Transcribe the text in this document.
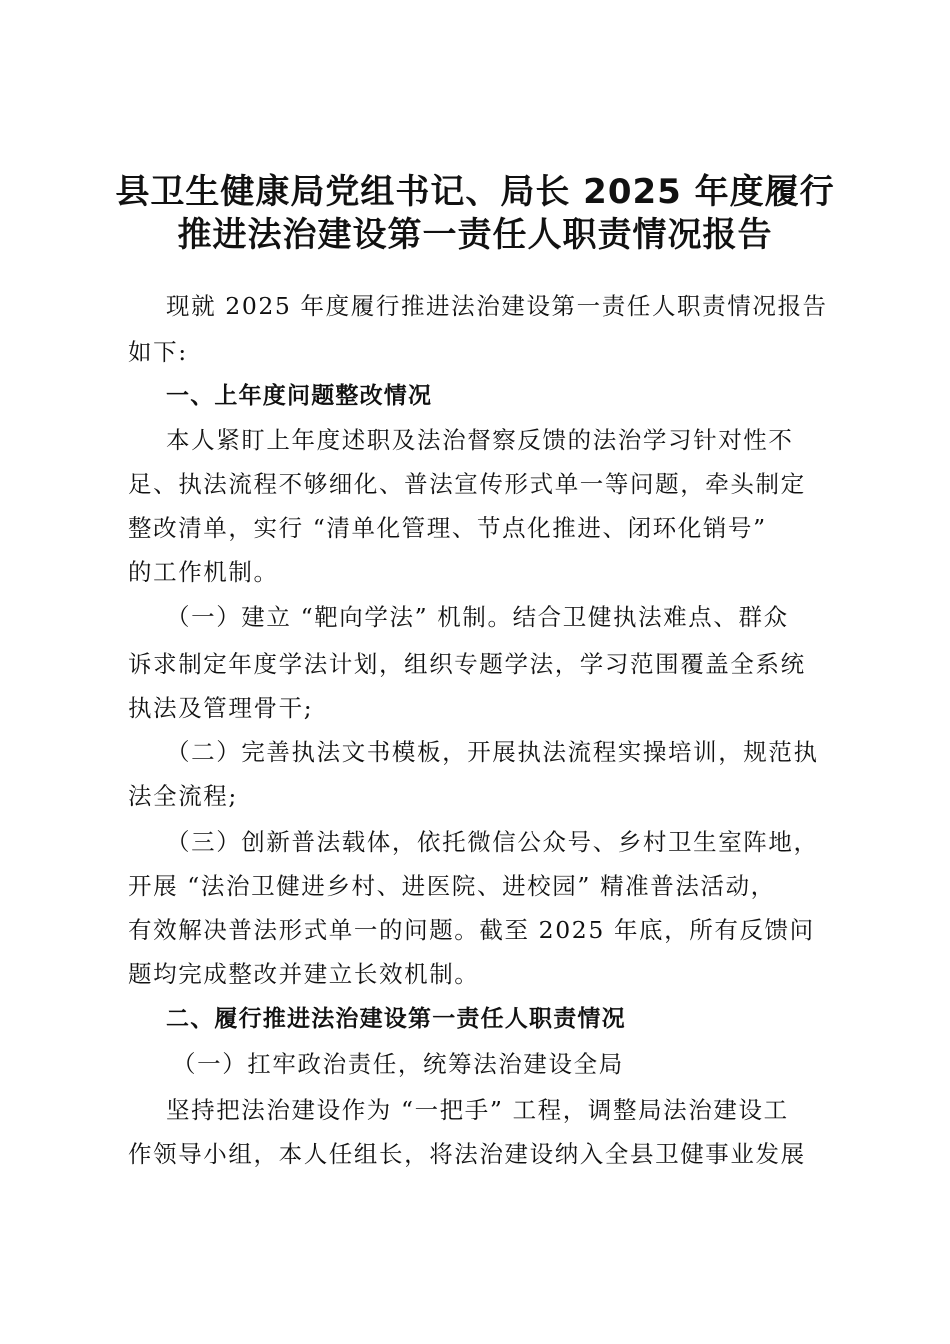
县卫生健康局党组书记、局长 2025 年度履行
推进法治建设第一责任人职责情况报告
现就 2025 年度履行推进法治建设第一责任人职责情况报告
如下:
一、上年度问题整改情况
本人紧盯上年度述职及法治督察反馈的法治学习针对性不
足、执法流程不够细化、普法宣传形式单一等问题，牵头制定
整改清单，实行 “清单化管理、节点化推进、闭环化销号”
的工作机制。
（一）建立 “靶向学法” 机制。结合卫健执法难点、群众
诉求制定年度学法计划，组织专题学法，学习范围覆盖全系统
执法及管理骨干;
（二）完善执法文书模板，开展执法流程实操培训，规范执
法全流程;
（三）创新普法载体，依托微信公众号、乡村卫生室阵地，
开展 “法治卫健进乡村、进医院、进校园” 精准普法活动，
有效解决普法形式单一的问题。截至 2025 年底，所有反馈问
题均完成整改并建立长效机制。
二、履行推进法治建设第一责任人职责情况
（一）扛牢政治责任，统筹法治建设全局
坚持把法治建设作为 “一把手” 工程，调整局法治建设工
作领导小组，本人任组长，将法治建设纳入全县卫健事业发展
